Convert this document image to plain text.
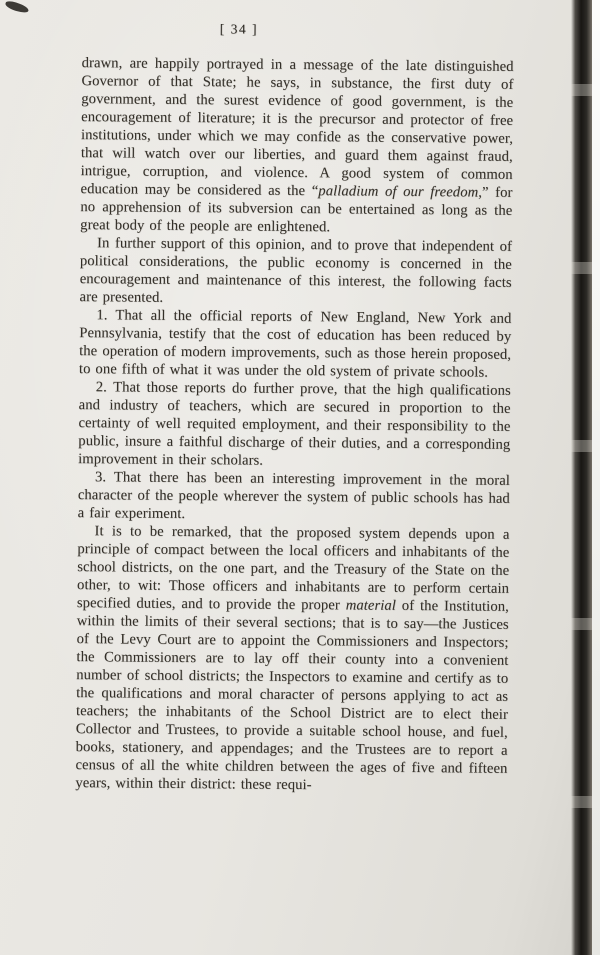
[ 34 ]

drawn, are happily portrayed in a message of the late distinguished Governor of that State; he says, in substance, the first duty of government, and the surest evidence of good government, is the encouragement of literature; it is the precursor and protector of free institutions, under which we may confide as the conservative power, that will watch over our liberties, and guard them against fraud, intrigue, corruption, and violence. A good system of common education may be considered as the “palladium of our freedom,” for no apprehension of its subversion can be entertained as long as the great body of the people are enlightened.

In further support of this opinion, and to prove that independent of political considerations, the public economy is concerned in the encouragement and maintenance of this interest, the following facts are presented.

1. That all the official reports of New England, New York and Pennsylvania, testify that the cost of education has been reduced by the operation of modern improvements, such as those herein proposed, to one fifth of what it was under the old system of private schools.

2. That those reports do further prove, that the high qualifications and industry of teachers, which are secured in proportion to the certainty of well requited employment, and their responsibility to the public, insure a faithful discharge of their duties, and a corresponding improvement in their scholars.

3. That there has been an interesting improvement in the moral character of the people wherever the system of public schools has had a fair experiment.

It is to be remarked, that the proposed system depends upon a principle of compact between the local officers and inhabitants of the school districts, on the one part, and the Treasury of the State on the other, to wit: Those officers and inhabitants are to perform certain specified duties, and to provide the proper material of the Institution, within the limits of their several sections; that is to say—the Justices of the Levy Court are to appoint the Commissioners and Inspectors; the Commissioners are to lay off their county into a convenient number of school districts; the Inspectors to examine and certify as to the qualifications and moral character of persons applying to act as teachers; the inhabitants of the School District are to elect their Collector and Trustees, to provide a suitable school house, and fuel, books, stationery, and appendages; and the Trustees are to report a census of all the white children between the ages of five and fifteen years, within their district: these requi-
